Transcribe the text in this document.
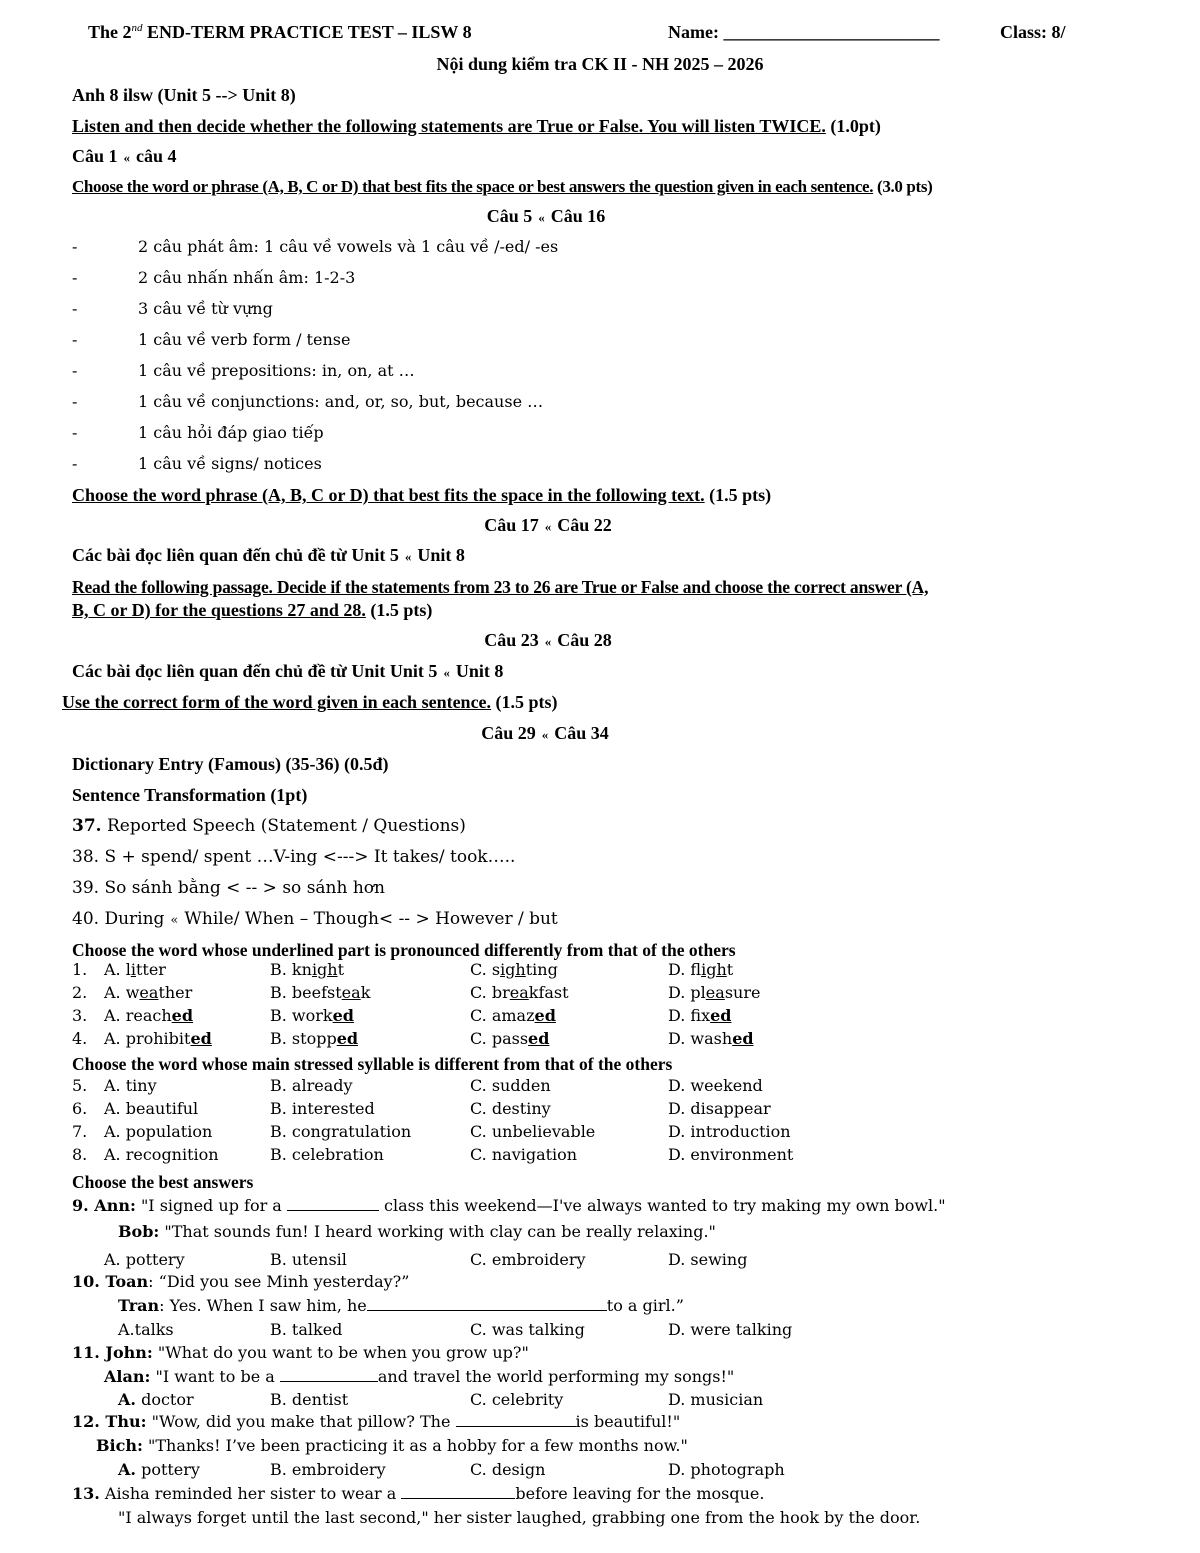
The 2nd END-TERM PRACTICE TEST – ILSW 8	Name: ________________________	Class: 8/
Nội dung kiểm tra CK II - NH 2025 – 2026
Anh 8 ilsw (Unit 5 --> Unit 8)
Listen and then decide whether the following statements are True or False. You will listen TWICE. (1.0pt)
Câu 1 « câu 4
Choose the word or phrase (A, B, C or D) that best fits the space or best answers the question given in each sentence. (3.0 pts)
Câu 5 « Câu 16
-	2 câu phát âm: 1 câu về vowels và 1 câu về /-ed/ -es
-	2 câu nhấn nhấn âm: 1-2-3
-	3 câu về từ vựng
-	1 câu về verb form / tense
-	1 câu về prepositions: in, on, at …
-	1 câu về conjunctions: and, or, so, but, because …
-	1 câu hỏi đáp giao tiếp
-	1 câu về signs/ notices
Choose the word phrase (A, B, C or D) that best fits the space in the following text. (1.5 pts)
Câu 17 « Câu 22
Các bài đọc liên quan đến chủ đề từ Unit 5 « Unit 8
Read the following passage. Decide if the statements from 23 to 26 are True or False and choose the correct answer (A,
B, C or D) for the questions 27 and 28. (1.5 pts)
Câu 23 « Câu 28
Các bài đọc liên quan đến chủ đề từ Unit Unit 5 « Unit 8
Use the correct form of the word given in each sentence. (1.5 pts)
Câu 29 « Câu 34
Dictionary Entry (Famous) (35-36) (0.5đ)
Sentence Transformation (1pt)
37. Reported Speech (Statement / Questions)
38. S + spend/ spent …V-ing <---> It takes/ took…..
39. So sánh bằng < -- > so sánh hơn
40. During « While/ When – Though< -- > However / but
Choose the word whose underlined part is pronounced differently from that of the others
1. A. litter	B. knight	C. sighting	D. flight
2. A. weather	B. beefsteak	C. breakfast	D. pleasure
3. A. reached	B. worked	C. amazed	D. fixed
4. A. prohibited	B. stopped	C. passed	D. washed
Choose the word whose main stressed syllable is different from that of the others
5. A. tiny	B. already	C. sudden	D. weekend
6. A. beautiful	B. interested	C. destiny	D. disappear
7. A. population	B. congratulation	C. unbelievable	D. introduction
8. A. recognition	B. celebration	C. navigation	D. environment
Choose the best answers
9. Ann: "I signed up for a	class this weekend—I've always wanted to try making my own bowl."
Bob: "That sounds fun! I heard working with clay can be really relaxing."
A. pottery	B. utensil	C. embroidery	D. sewing
10. Toan: “Did you see Minh yesterday?”
Tran: Yes. When I saw him, he	to a girl.”
A.talks	B. talked	C. was talking	D. were talking
11. John: "What do you want to be when you grow up?"
Alan: "I want to be a	and travel the world performing my songs!"
A. doctor	B. dentist	C. celebrity	D. musician
12. Thu: "Wow, did you make that pillow? The	is beautiful!"
Bich: "Thanks! I’ve been practicing it as a hobby for a few months now."
A. pottery	B. embroidery	C. design	D. photograph
13. Aisha reminded her sister to wear a	before leaving for the mosque.
"I always forget until the last second," her sister laughed, grabbing one from the hook by the door.
